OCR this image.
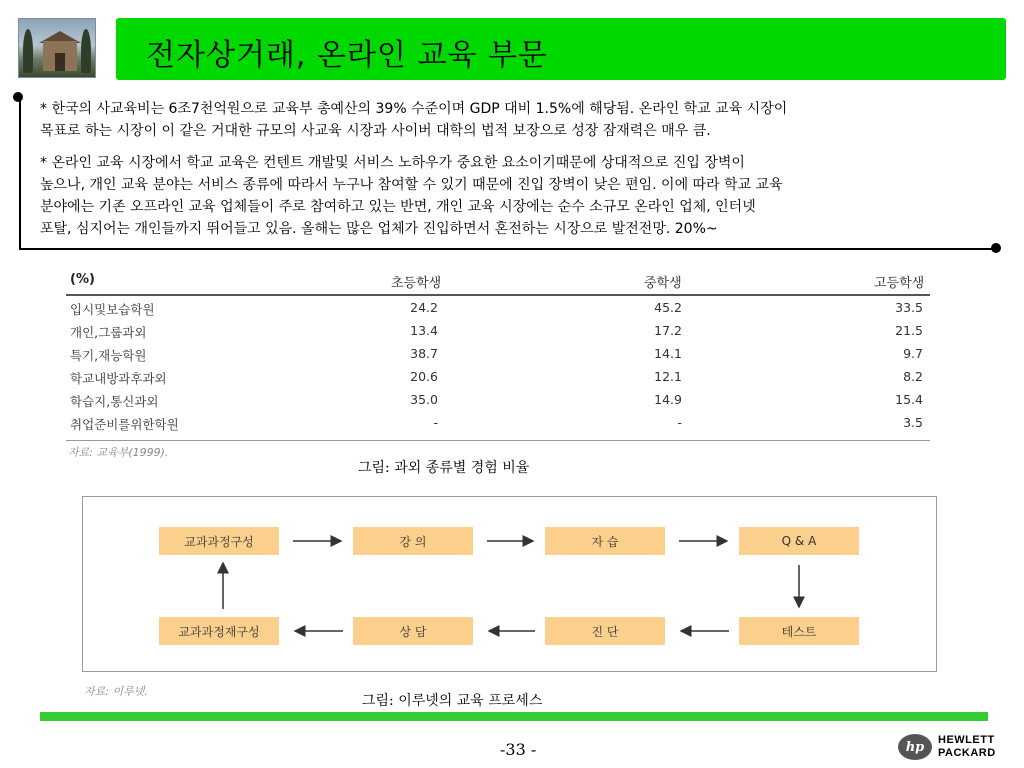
전자상거래, 온라인 교육 부문
* 한국의 사교육비는 6조7천억원으로 교육부 총예산의 39% 수준이며 GDP 대비 1.5%에 해당됨. 온라인 학교 교육 시장이
목표로 하는 시장이 이 같은 거대한 규모의 사교육 시장과 사이버 대학의 법적 보장으로 성장 잠재력은 매우 큼.
* 온라인 교육 시장에서 학교 교육은 컨텐트 개발및 서비스 노하우가 중요한 요소이기때문에 상대적으로 진입 장벽이
높으나, 개인 교육 분야는 서비스 종류에 따라서 누구나 참여할 수 있기 때문에 진입 장벽이 낮은 편임. 이에 따라 학교 교육
분야에는 기존 오프라인 교육 업체들이 주로 참여하고 있는 반면, 개인 교육 시장에는 순수 소규모 온라인 업체, 인터넷
포탈, 심지어는 개인들까지 뛰어들고 있음. 올해는 많은 업체가 진입하면서 혼전하는 시장으로 발전전망. 20%~
(%)	초등학생	중학생	고등학생
입시및보습학원	24.2	45.2	33.5
개인,그룹과외	13.4	17.2	21.5
특기,재능학원	38.7	14.1	9.7
학교내방과후과외	20.6	12.1	8.2
학습지,통신과외	35.0	14.9	15.4
취업준비를위한학원	-	-	3.5
자료: 교육부(1999).
그림: 과외 종류별 경험 비율
교과과정구성	강 의	자 습	Q & A
교과과정재구성	상 담	진 단	테스트
자료: 이루넷.
그림: 이루넷의 교육 프로세스
-33 -	hp	HEWLETT
PACKARD
